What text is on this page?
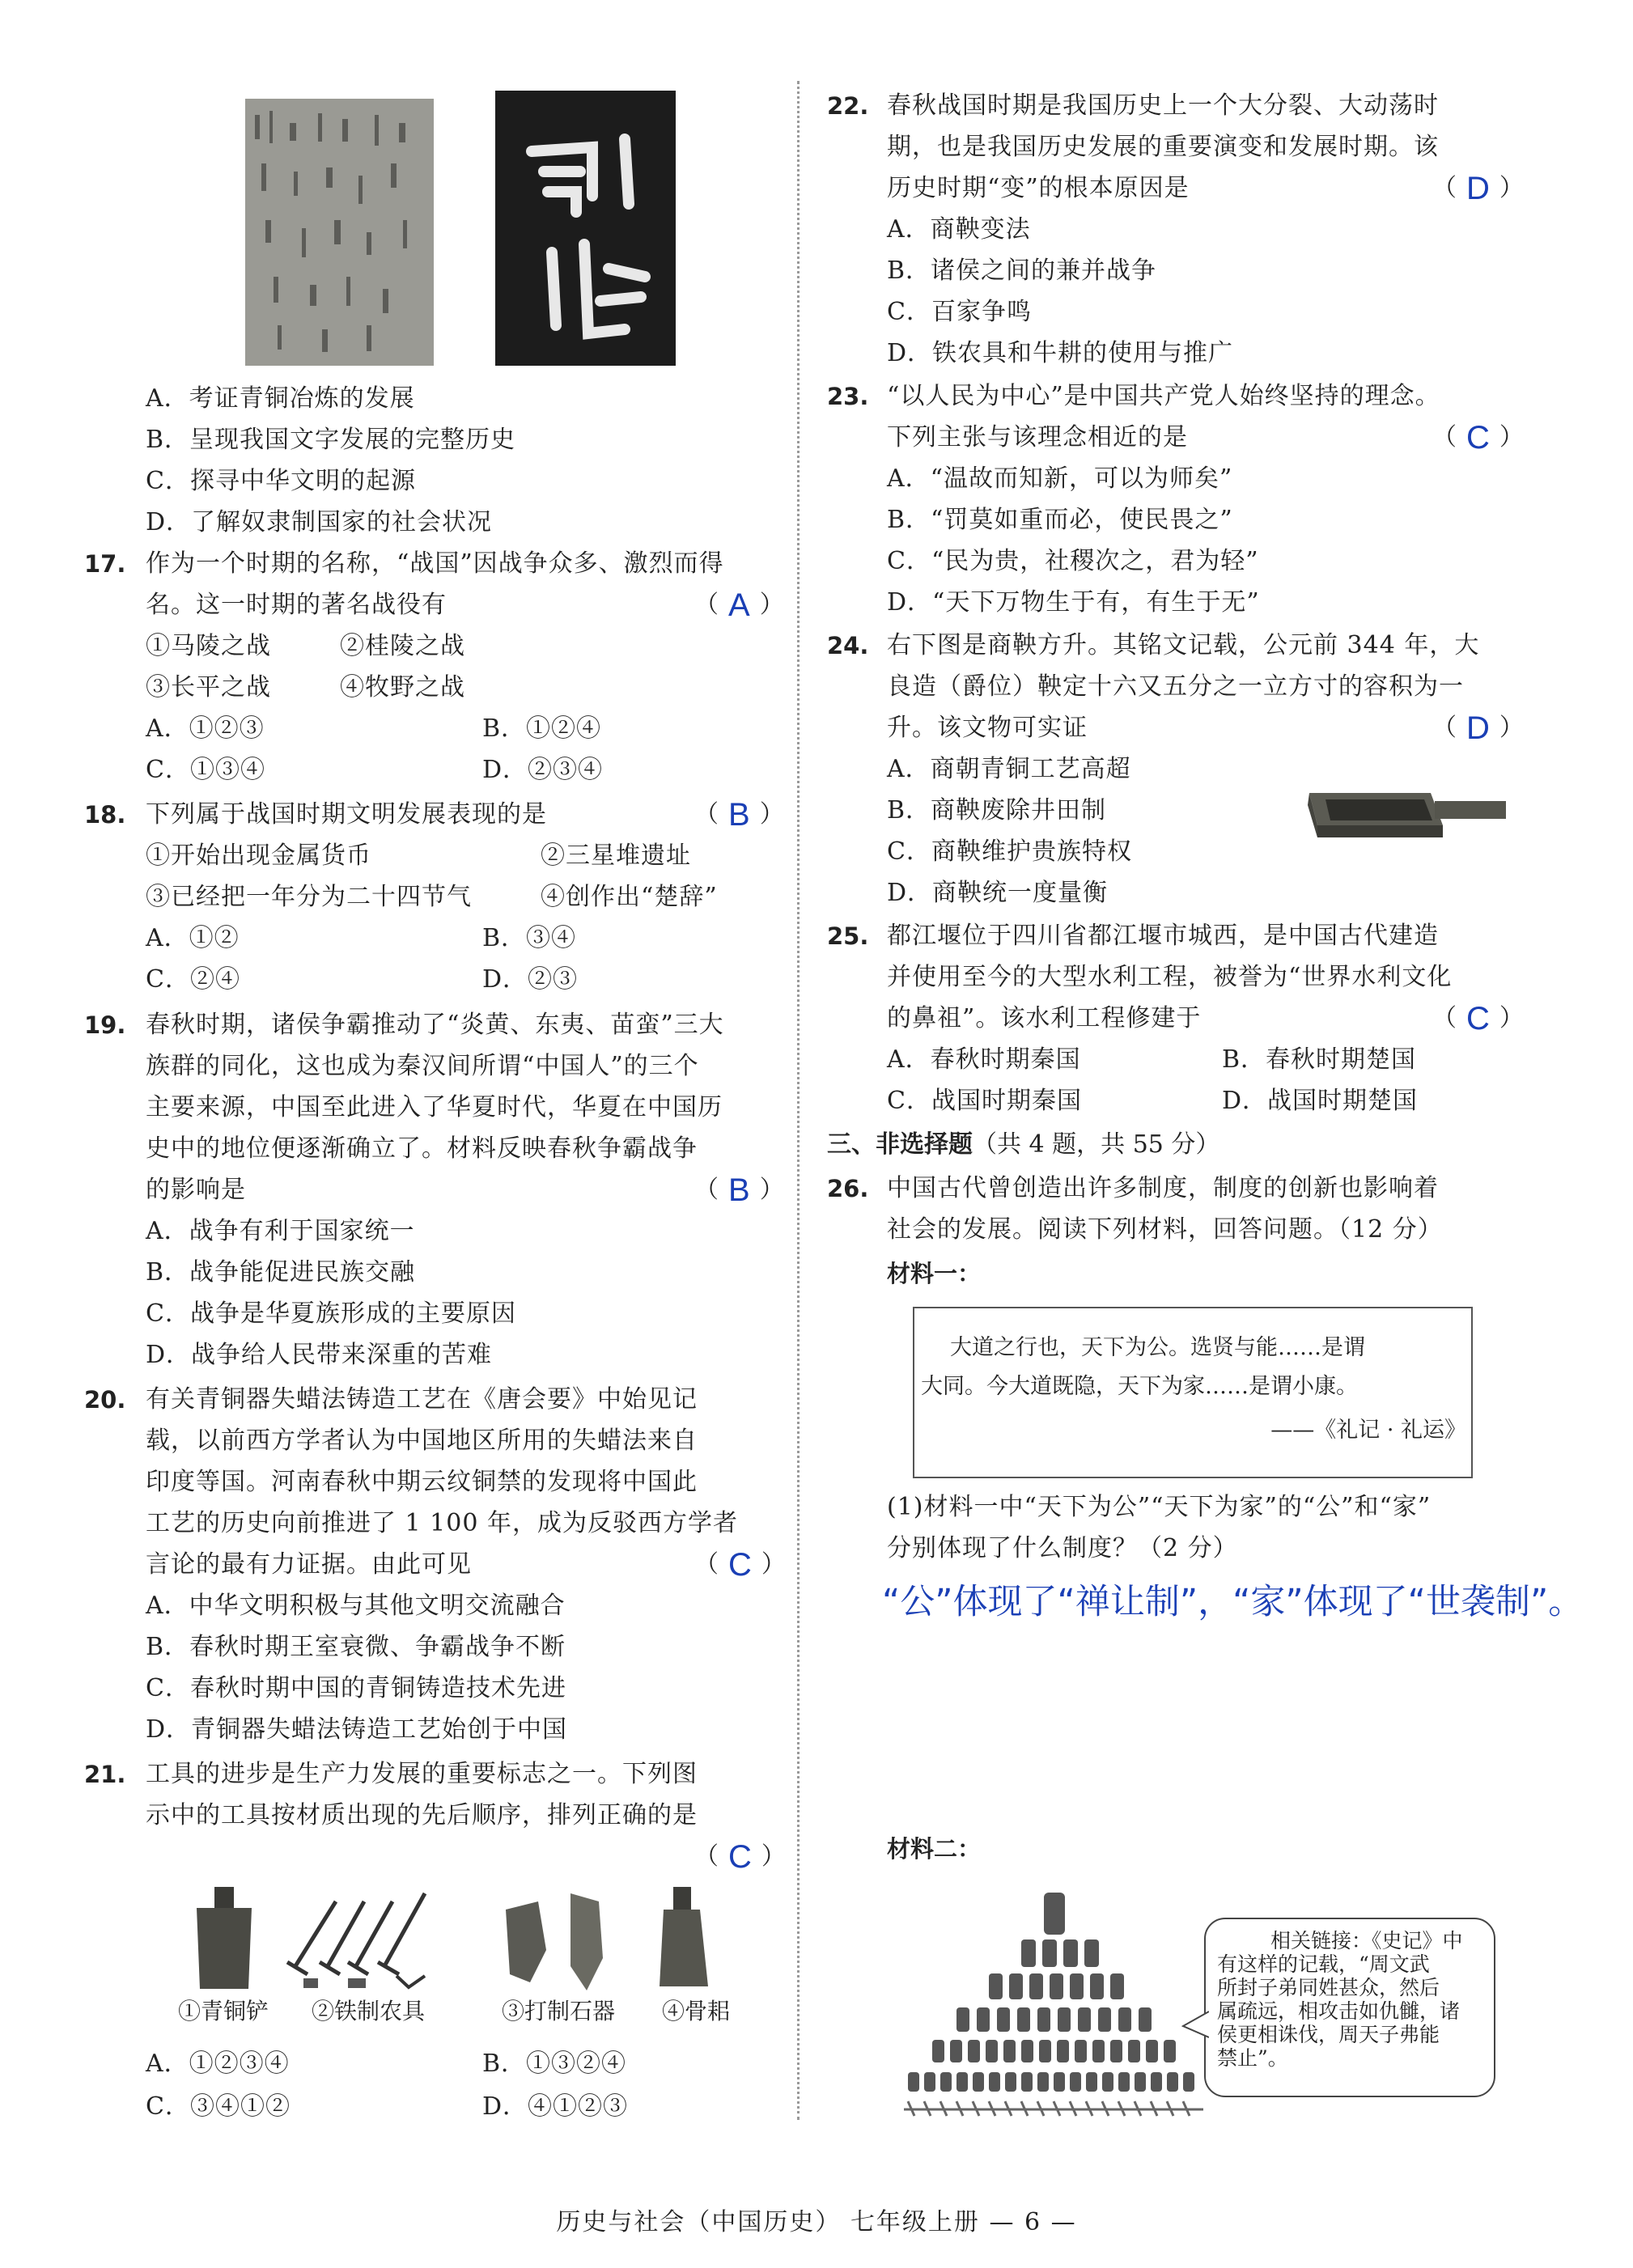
A．考证青铜冶炼的发展
B．呈现我国文字发展的完整历史
C．探寻中华文明的起源
D．了解奴隶制国家的社会状况
17. 作为一个时期的名称，“战国”因战争众多、激烈而得
名。这一时期的著名战役有	（ A ）
①马陵之战	②桂陵之战
③长平之战	④牧野之战
A．①②③	B．①②④
C．①③④	D．②③④
18. 下列属于战国时期文明发展表现的是	（ B ）
①开始出现金属货币	②三星堆遗址
③已经把一年分为二十四节气	④创作出“楚辞”
A．①②	B．③④
C．②④	D．②③
19. 春秋时期，诸侯争霸推动了“炎黄、东夷、苗蛮”三大
族群的同化，这也成为秦汉间所谓“中国人”的三个
主要来源，中国至此进入了华夏时代，华夏在中国历
史中的地位便逐渐确立了。材料反映春秋争霸战争
的影响是	（ B ）
A．战争有利于国家统一
B．战争能促进民族交融
C．战争是华夏族形成的主要原因
D．战争给人民带来深重的苦难
20. 有关青铜器失蜡法铸造工艺在《唐会要》中始见记
载，以前西方学者认为中国地区所用的失蜡法来自
印度等国。河南春秋中期云纹铜禁的发现将中国此
工艺的历史向前推进了 1 100 年，成为反驳西方学者
言论的最有力证据。由此可见	（ C ）
A．中华文明积极与其他文明交流融合
B．春秋时期王室衰微、争霸战争不断
C．春秋时期中国的青铜铸造技术先进
D．青铜器失蜡法铸造工艺始创于中国
21. 工具的进步是生产力发展的重要标志之一。下列图
示中的工具按材质出现的先后顺序，排列正确的是
（ C ）
①青铜铲 ②铁制农具	③打制石器 ④骨耜
A．①②③④	B．①③②④
C．③④①②	D．④①②③
22. 春秋战国时期是我国历史上一个大分裂、大动荡时
期，也是我国历史发展的重要演变和发展时期。该
历史时期“变”的根本原因是	（ D ）
A．商鞅变法
B．诸侯之间的兼并战争
C．百家争鸣
D．铁农具和牛耕的使用与推广
23. “以人民为中心”是中国共产党人始终坚持的理念。
下列主张与该理念相近的是	（ C ）
A．“温故而知新，可以为师矣”
B．“罚莫如重而必，使民畏之”
C．“民为贵，社稷次之，君为轻”
D．“天下万物生于有，有生于无”
24. 右下图是商鞅方升。其铭文记载，公元前 344 年，大
良造（爵位）鞅定十六又五分之一立方寸的容积为一
升。该文物可实证	（ D ）
A．商朝青铜工艺高超
B．商鞅废除井田制
C．商鞅维护贵族特权
D．商鞅统一度量衡
25. 都江堰位于四川省都江堰市城西，是中国古代建造
并使用至今的大型水利工程，被誉为“世界水利文化
的鼻祖”。该水利工程修建于	（ C ）
A．春秋时期秦国	B．春秋时期楚国
C．战国时期秦国	D．战国时期楚国
三、非选择题（共 4 题，共 55 分）
26. 中国古代曾创造出许多制度，制度的创新也影响着
社会的发展。阅读下列材料，回答问题。（12 分）
材料一：
大道之行也，天下为公。选贤与能……是谓
大同。今大道既隐，天下为家……是谓小康。
——《礼记 · 礼运》
(1)材料一中“天下为公”“天下为家”的“公”和“家”
分别体现了什么制度？（2 分）
“公”体现了“禅让制”，“家”体现了“世袭制”。
材料二：
相关链接：《史记》中
有这样的记载，“周文武
所封子弟同姓甚众，然后
属疏远，相攻击如仇雠，诸
侯更相诛伐，周天子弗能
禁止”。
历史与社会（中国历史） 七年级上册 — 6 —
